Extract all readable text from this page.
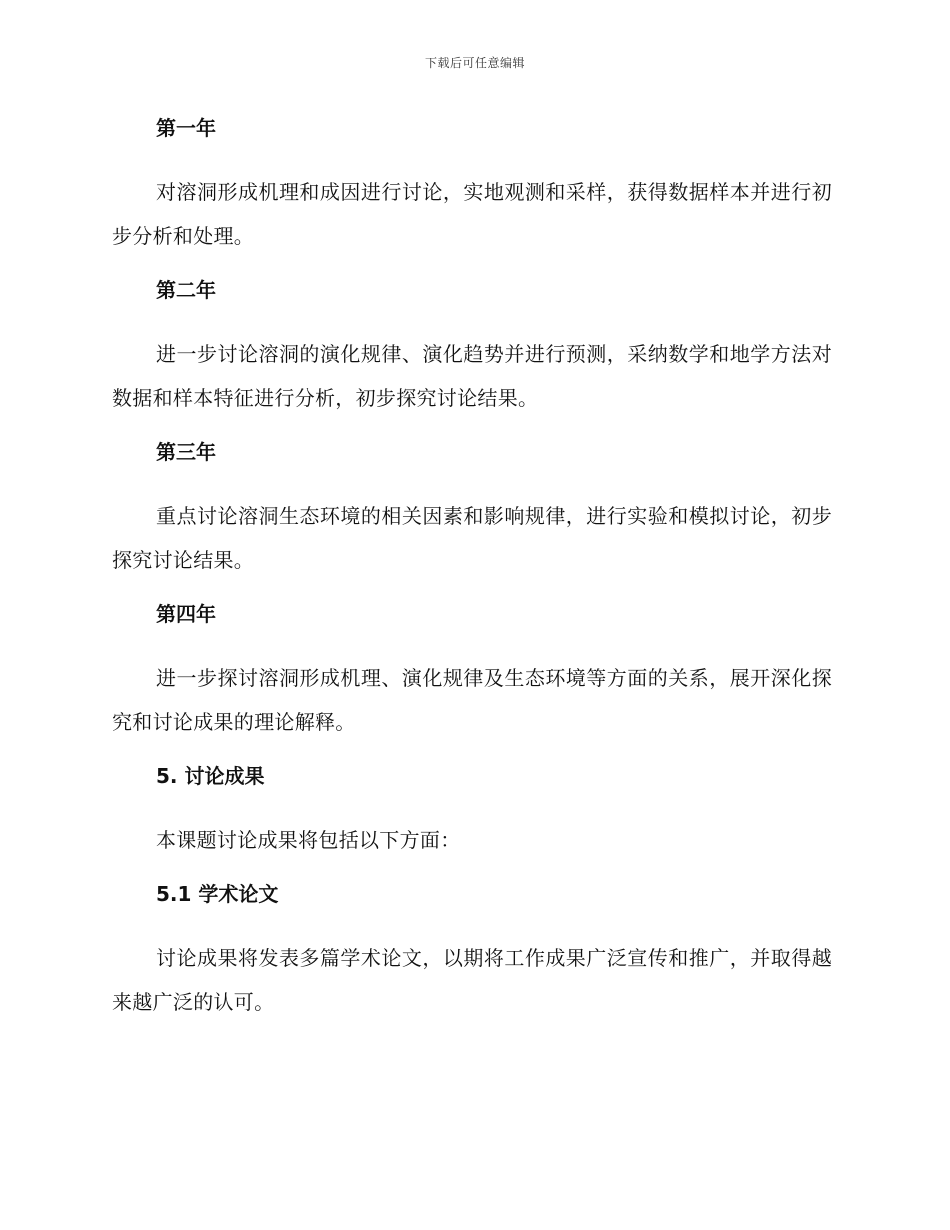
下载后可任意编辑
第一年

对溶洞形成机理和成因进行讨论，实地观测和采样，获得数据样本并进行初步分析和处理。

第二年

进一步讨论溶洞的演化规律、演化趋势并进行预测，采纳数学和地学方法对数据和样本特征进行分析，初步探究讨论结果。

第三年

重点讨论溶洞生态环境的相关因素和影响规律，进行实验和模拟讨论，初步探究讨论结果。

第四年

进一步探讨溶洞形成机理、演化规律及生态环境等方面的关系，展开深化探究和讨论成果的理论解释。

5. 讨论成果

本课题讨论成果将包括以下方面：

5.1 学术论文

讨论成果将发表多篇学术论文，以期将工作成果广泛宣传和推广，并取得越来越广泛的认可。
